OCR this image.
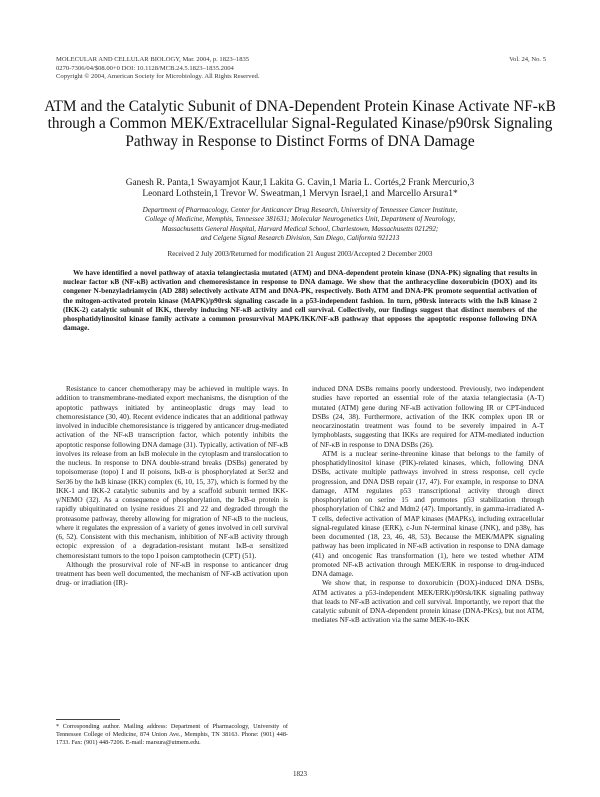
MOLECULAR AND CELLULAR BIOLOGY, Mar. 2004, p. 1823–1835
0270-7306/04/$08.00+0 DOI: 10.1128/MCB.24.5.1823–1835.2004
Copyright © 2004, American Society for Microbiology. All Rights Reserved.
Vol. 24, No. 5
ATM and the Catalytic Subunit of DNA-Dependent Protein Kinase Activate NF-κB through a Common MEK/Extracellular Signal-Regulated Kinase/p90rsk Signaling Pathway in Response to Distinct Forms of DNA Damage
Ganesh R. Panta,1 Swayamjot Kaur,1 Lakita G. Cavin,1 Maria L. Cortés,2 Frank Mercurio,3
Leonard Lothstein,1 Trevor W. Sweatman,1 Mervyn Israel,1 and Marcello Arsura1*
Department of Pharmacology, Center for Anticancer Drug Research, University of Tennessee Cancer Institute,
College of Medicine, Memphis, Tennessee 381631; Molecular Neurogenetics Unit, Department of Neurology,
Massachusetts General Hospital, Harvard Medical School, Charlestown, Massachusetts 021292;
and Celgene Signal Research Division, San Diego, California 921213
Received 2 July 2003/Returned for modification 21 August 2003/Accepted 2 December 2003
We have identified a novel pathway of ataxia telangiectasia mutated (ATM) and DNA-dependent protein kinase (DNA-PK) signaling that results in nuclear factor κB (NF-κB) activation and chemoresistance in response to DNA damage. We show that the anthracycline doxorubicin (DOX) and its congener N-benzyladriamycin (AD 288) selectively activate ATM and DNA-PK, respectively. Both ATM and DNA-PK promote sequential activation of the mitogen-activated protein kinase (MAPK)/p90rsk signaling cascade in a p53-independent fashion. In turn, p90rsk interacts with the IκB kinase 2 (IKK-2) catalytic subunit of IKK, thereby inducing NF-κB activity and cell survival. Collectively, our findings suggest that distinct members of the phosphatidylinositol kinase family activate a common prosurvival MAPK/IKK/NF-κB pathway that opposes the apoptotic response following DNA damage.

Resistance to cancer chemotherapy may be achieved in multiple ways. In addition to transmembrane-mediated export mechanisms, the disruption of the apoptotic pathways initiated by antineoplastic drugs may lead to chemoresistance (30, 40). Recent evidence indicates that an additional pathway involved in inducible chemoresistance is triggered by anticancer drug-mediated activation of the NF-κB transcription factor, which potently inhibits the apoptotic response following DNA damage (31). Typically, activation of NF-κB involves its release from an IκB molecule in the cytoplasm and translocation to the nucleus. In response to DNA double-strand breaks (DSBs) generated by topoisomerase (topo) I and II poisons, IκB-α is phosphorylated at Ser32 and Ser36 by the IκB kinase (IKK) complex (6, 10, 15, 37), which is formed by the IKK-1 and IKK-2 catalytic subunits and by a scaffold subunit termed IKK-γ/NEMO (32). As a consequence of phosphorylation, the IκB-α protein is rapidly ubiquitinated on lysine residues 21 and 22 and degraded through the proteasome pathway, thereby allowing for migration of NF-κB to the nucleus, where it regulates the expression of a variety of genes involved in cell survival (6, 52). Consistent with this mechanism, inhibition of NF-κB activity through ectopic expression of a degradation-resistant mutant IκB-α sensitized chemoresistant tumors to the topo I poison camptothecin (CPT) (51).

Although the prosurvival role of NF-κB in response to anticancer drug treatment has been well documented, the mechanism of NF-κB activation upon drug- or irradiation (IR)-

induced DNA DSBs remains poorly understood. Previously, two independent studies have reported an essential role of the ataxia telangiectasia (A-T) mutated (ATM) gene during NF-κB activation following IR or CPT-induced DSBs (24, 38). Furthermore, activation of the IKK complex upon IR or neocarzinostatin treatment was found to be severely impaired in A-T lymphoblasts, suggesting that IKKs are required for ATM-mediated induction of NF-κB in response to DNA DSBs (26).

ATM is a nuclear serine-threonine kinase that belongs to the family of phosphatidylinositol kinase (PIK)-related kinases, which, following DNA DSBs, activate multiple pathways involved in stress response, cell cycle progression, and DNA DSB repair (17, 47). For example, in response to DNA damage, ATM regulates p53 transcriptional activity through direct phosphorylation on serine 15 and promotes p53 stabilization through phosphorylation of Chk2 and Mdm2 (47). Importantly, in gamma-irradiated A-T cells, defective activation of MAP kinases (MAPKs), including extracellular signal-regulated kinase (ERK), c-Jun N-terminal kinase (JNK), and p38γ, has been documented (18, 23, 46, 48, 53). Because the MEK/MAPK signaling pathway has been implicated in NF-κB activation in response to DNA damage (41) and oncogenic Ras transformation (1), here we tested whether ATM promoted NF-κB activation through MEK/ERK in response to drug-induced DNA damage.

We show that, in response to doxorubicin (DOX)-induced DNA DSBs, ATM activates a p53-independent MEK/ERK/p90rsk/IKK signaling pathway that leads to NF-κB activation and cell survival. Importantly, we report that the catalytic subunit of DNA-dependent protein kinase (DNA-PKcs), but not ATM, mediates NF-κB activation via the same MEK-to-IKK

* Corresponding author. Mailing address: Department of Pharmacology, University of Tennessee College of Medicine, 874 Union Ave., Memphis, TN 38163. Phone: (901) 448-1733. Fax: (901) 448-7206. E-mail: marsura@utmem.edu.
1823
